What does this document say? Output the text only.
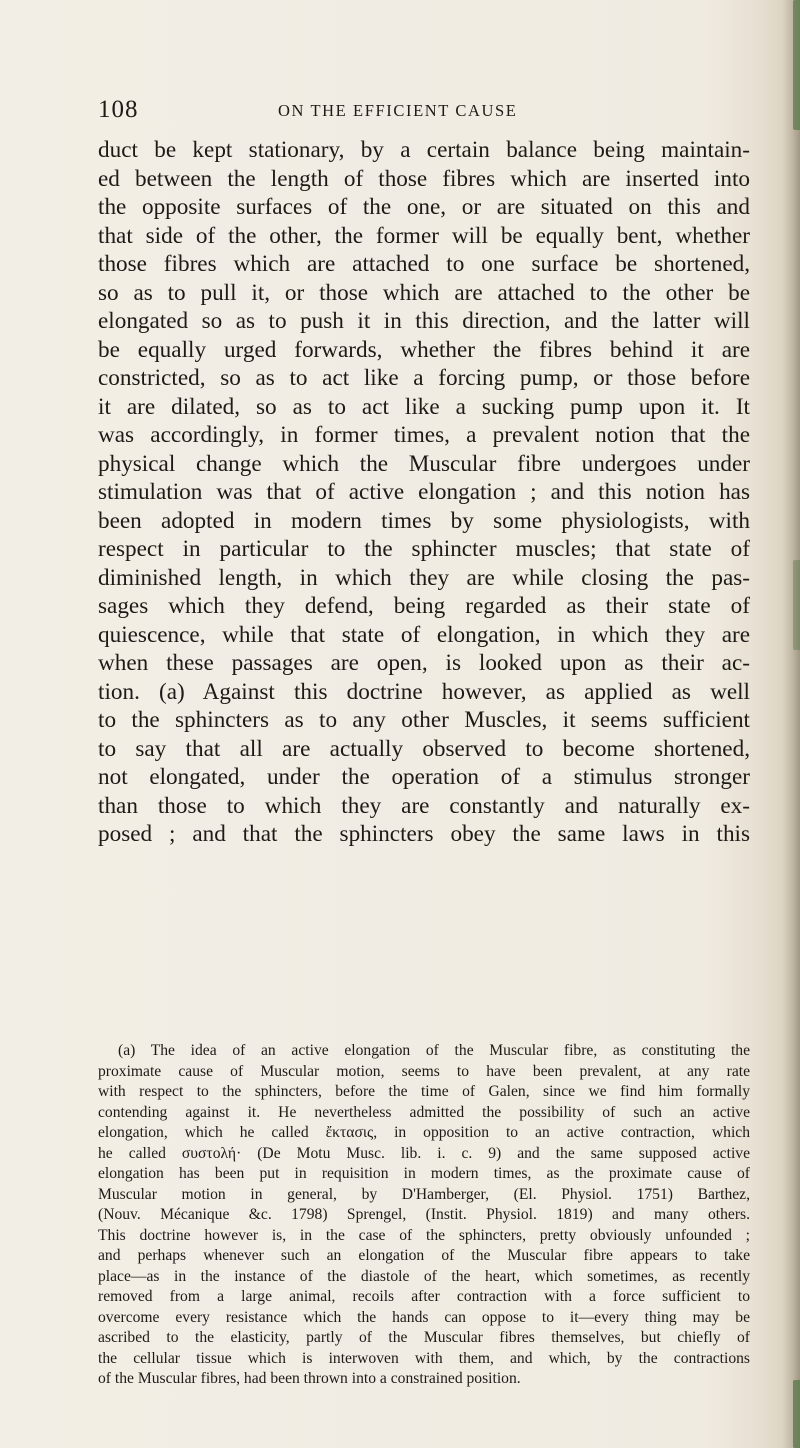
108	ON THE EFFICIENT CAUSE
duct be kept stationary, by a certain balance being maintain-
ed between the length of those fibres which are inserted into
the opposite surfaces of the one, or are situated on this and
that side of the other, the former will be equally bent, whether
those fibres which are attached to one surface be shortened,
so as to pull it, or those which are attached to the other be
elongated so as to push it in this direction, and the latter will
be equally urged forwards, whether the fibres behind it are
constricted, so as to act like a forcing pump, or those before
it are dilated, so as to act like a sucking pump upon it. It
was accordingly, in former times, a prevalent notion that the
physical change which the Muscular fibre undergoes under
stimulation was that of active elongation ; and this notion has
been adopted in modern times by some physiologists, with
respect in particular to the sphincter muscles; that state of
diminished length, in which they are while closing the pas-
sages which they defend, being regarded as their state of
quiescence, while that state of elongation, in which they are
when these passages are open, is looked upon as their ac-
tion. (a) Against this doctrine however, as applied as well
to the sphincters as to any other Muscles, it seems sufficient
to say that all are actually observed to become shortened,
not elongated, under the operation of a stimulus stronger
than those to which they are constantly and naturally ex-
posed ; and that the sphincters obey the same laws in this
(a) The idea of an active elongation of the Muscular fibre, as constituting the
proximate cause of Muscular motion, seems to have been prevalent, at any rate
with respect to the sphincters, before the time of Galen, since we find him formally
contending against it. He nevertheless admitted the possibility of such an active
elongation, which he called ἔκτασις, in opposition to an active contraction, which
he called συστολή· (De Motu Musc. lib. i. c. 9) and the same supposed active
elongation has been put in requisition in modern times, as the proximate cause of
Muscular motion in general, by D'Hamberger, (El. Physiol. 1751) Barthez,
(Nouv. Mécanique &c. 1798) Sprengel, (Instit. Physiol. 1819) and many others.
This doctrine however is, in the case of the sphincters, pretty obviously unfounded ;
and perhaps whenever such an elongation of the Muscular fibre appears to take
place—as in the instance of the diastole of the heart, which sometimes, as recently
removed from a large animal, recoils after contraction with a force sufficient to
overcome every resistance which the hands can oppose to it—every thing may be
ascribed to the elasticity, partly of the Muscular fibres themselves, but chiefly of
the cellular tissue which is interwoven with them, and which, by the contractions
of the Muscular fibres, had been thrown into a constrained position.
